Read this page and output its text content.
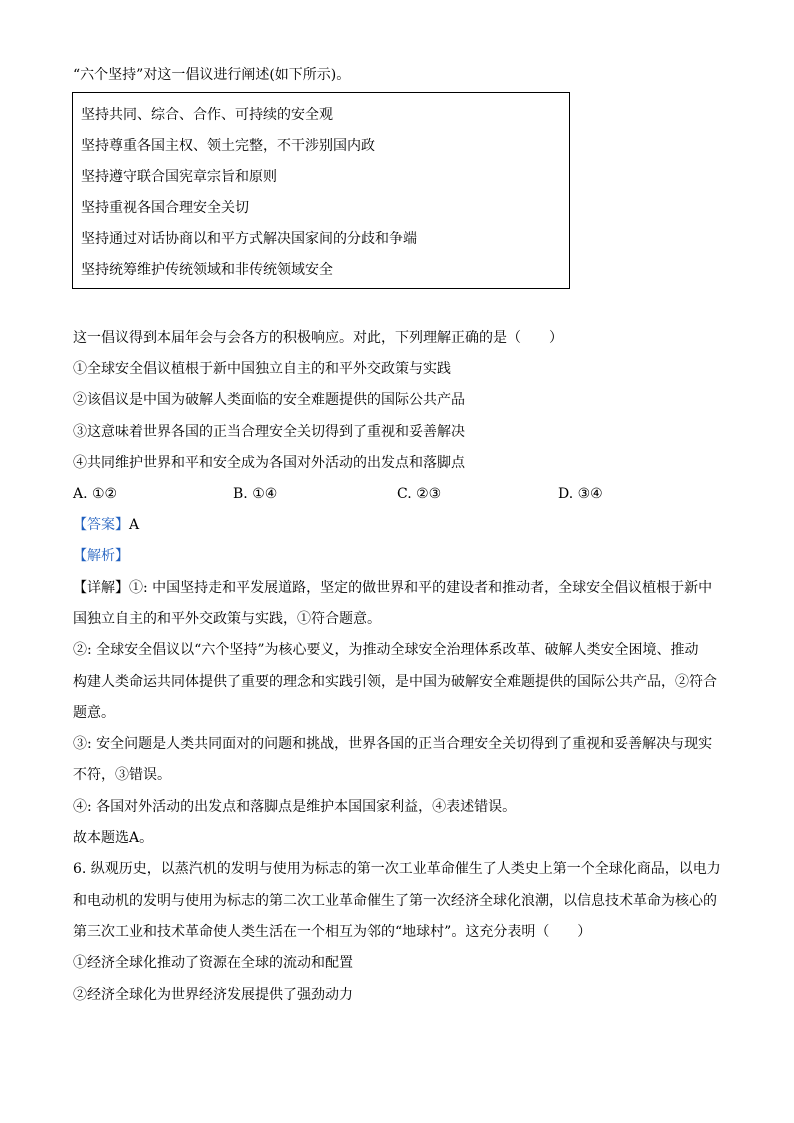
“六个坚持”对这一倡议进行阐述(如下所示)。
坚持共同、综合、合作、可持续的安全观
坚持尊重各国主权、领土完整，不干涉别国内政
坚持遵守联合国宪章宗旨和原则
坚持重视各国合理安全关切
坚持通过对话协商以和平方式解决国家间的分歧和争端
坚持统筹维护传统领域和非传统领域安全
这一倡议得到本届年会与会各方的积极响应。对此，下列理解正确的是（　　）
①全球安全倡议植根于新中国独立自主的和平外交政策与实践
②该倡议是中国为破解人类面临的安全难题提供的国际公共产品
③这意味着世界各国的正当合理安全关切得到了重视和妥善解决
④共同维护世界和平和安全成为各国对外活动的出发点和落脚点
A. ①②	B. ①④	C. ②③	D. ③④
【答案】A
【解析】
【详解】①: 中国坚持走和平发展道路，坚定的做世界和平的建设者和推动者，全球安全倡议植根于新中
国独立自主的和平外交政策与实践，①符合题意。
②: 全球安全倡议以“六个坚持”为核心要义，为推动全球安全治理体系改革、破解人类安全困境、推动
构建人类命运共同体提供了重要的理念和实践引领，是中国为破解安全难题提供的国际公共产品，②符合
题意。
③: 安全问题是人类共同面对的问题和挑战，世界各国的正当合理安全关切得到了重视和妥善解决与现实
不符，③错误。
④: 各国对外活动的出发点和落脚点是维护本国国家利益，④表述错误。
故本题选A。
6. 纵观历史，以蒸汽机的发明与使用为标志的第一次工业革命催生了人类史上第一个全球化商品，以电力
和电动机的发明与使用为标志的第二次工业革命催生了第一次经济全球化浪潮，以信息技术革命为核心的
第三次工业和技术革命使人类生活在一个相互为邻的“地球村”。这充分表明（　　）
①经济全球化推动了资源在全球的流动和配置
②经济全球化为世界经济发展提供了强劲动力
